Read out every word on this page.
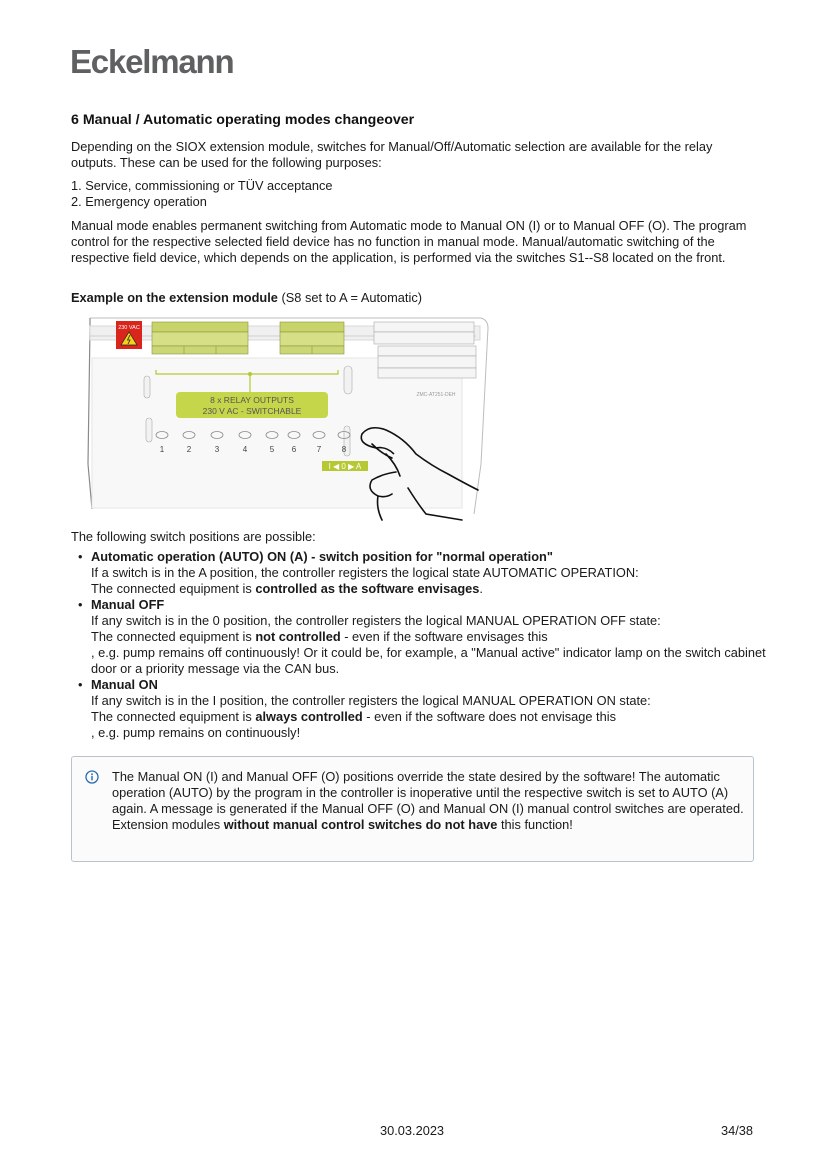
Eckelmann
6 Manual / Automatic operating modes changeover
Depending on the SIOX extension module, switches for Manual/Off/Automatic selection are available for the relay outputs. These can be used for the following purposes:
1. Service, commissioning or TÜV acceptance
2. Emergency operation
Manual mode enables permanent switching from Automatic mode to Manual ON (I) or to Manual OFF (O). The program control for the respective selected field device has no function in manual mode. Manual/automatic switching of the respective field device, which depends on the application, is performed via the switches S1--S8 located on the front.
Example on the extension module (S8 set to A = Automatic)
230 VAC
ZMC-AT251-DEH
8 x RELAY OUTPUTS
230 V AC - SWITCHABLE
1	2	3	4	5 6	7	8
I ◀ 0 ▶ A
The following switch positions are possible:
• Automatic operation (AUTO) ON (A) - switch position for "normal operation"
If a switch is in the A position, the controller registers the logical state AUTOMATIC OPERATION:
The connected equipment is controlled as the software envisages.
• Manual OFF
If any switch is in the 0 position, the controller registers the logical MANUAL OPERATION OFF state:
The connected equipment is not controlled - even if the software envisages this
, e.g. pump remains off continuously! Or it could be, for example, a "Manual active" indicator lamp on the switch cabinet door or a priority message via the CAN bus.
• Manual ON
If any switch is in the I position, the controller registers the logical MANUAL OPERATION ON state:
The connected equipment is always controlled - even if the software does not envisage this
, e.g. pump remains on continuously!
The Manual ON (I) and Manual OFF (O) positions override the state desired by the software! The automatic operation (AUTO) by the program in the controller is inoperative until the respective switch is set to AUTO (A) again. A message is generated if the Manual OFF (O) and Manual ON (I) manual control switches are operated.
Extension modules without manual control switches do not have this function!
30.03.2023	34/38
